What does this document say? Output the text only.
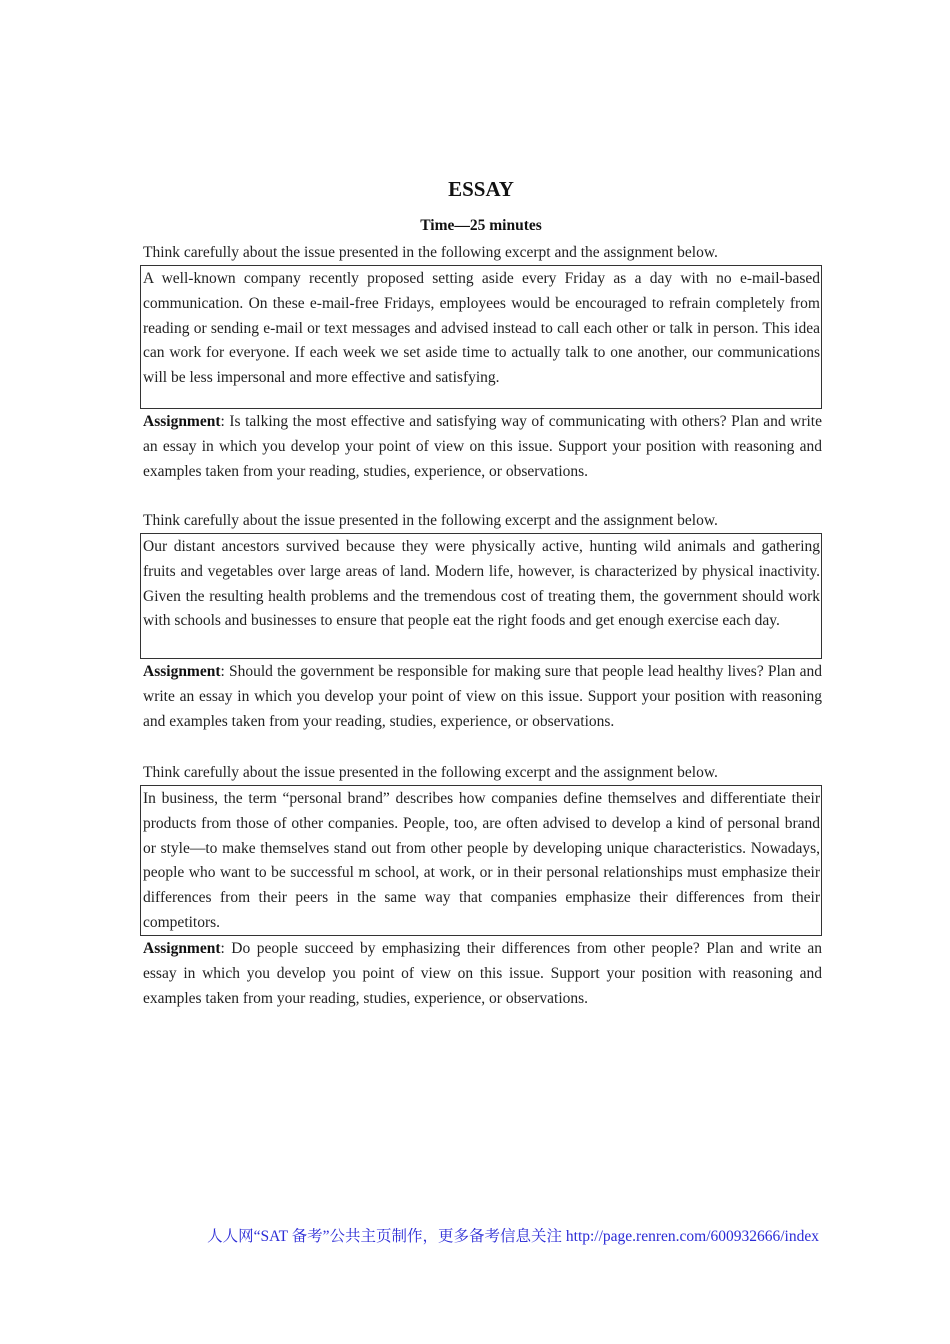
ESSAY
Time—25 minutes

Think carefully about the issue presented in the following excerpt and the assignment below.

A well-known company recently proposed setting aside every Friday as a day with no e-mail-based communication. On these e-mail-free Fridays, employees would be encouraged to refrain completely from reading or sending e-mail or text messages and advised instead to call each other or talk in person. This idea can work for everyone. If each week we set aside time to actually talk to one another, our communications will be less impersonal and more effective and satisfying.

Assignment: Is talking the most effective and satisfying way of communicating with others? Plan and write an essay in which you develop your point of view on this issue. Support your position with reasoning and examples taken from your reading, studies, experience, or observations.

Think carefully about the issue presented in the following excerpt and the assignment below.

Our distant ancestors survived because they were physically active, hunting wild animals and gathering fruits and vegetables over large areas of land. Modern life, however, is characterized by physical inactivity. Given the resulting health problems and the tremendous cost of treating them, the government should work with schools and businesses to ensure that people eat the right foods and get enough exercise each day.

Assignment: Should the government be responsible for making sure that people lead healthy lives? Plan and write an essay in which you develop your point of view on this issue. Support your position with reasoning and examples taken from your reading, studies, experience, or observations.

Think carefully about the issue presented in the following excerpt and the assignment below.

In business, the term “personal brand” describes how companies define themselves and differentiate their products from those of other companies. People, too, are often advised to develop a kind of personal brand or style—to make themselves stand out from other people by developing unique characteristics. Nowadays, people who want to be successful m school, at work, or in their personal relationships must emphasize their differences from their peers in the same way that companies emphasize their differences from their competitors.

Assignment: Do people succeed by emphasizing their differences from other people? Plan and write an essay in which you develop you point of view on this issue. Support your position with reasoning and examples taken from your reading, studies, experience, or observations.

人人网“SAT 备考”公共主页制作，更多备考信息关注 http://page.renren.com/600932666/index
